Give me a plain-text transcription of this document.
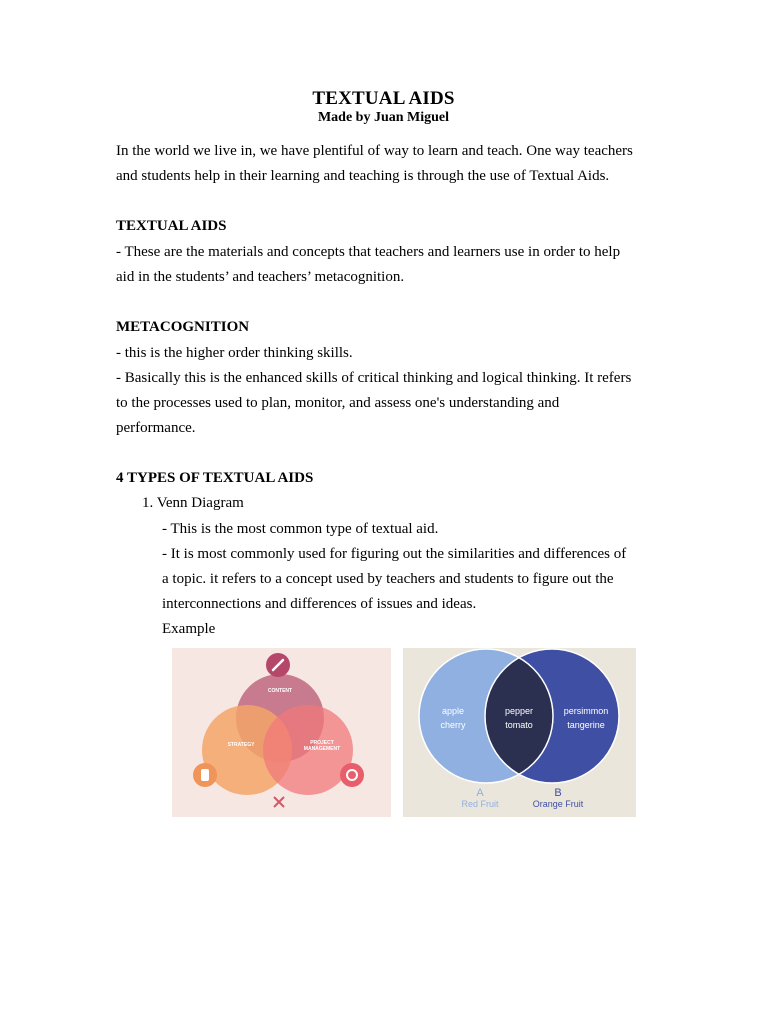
TEXTUAL AIDS
Made by Juan Miguel
In the world we live in, we have plentiful of way to learn and teach. One way teachers
and students help in their learning and teaching is through the use of Textual Aids.
TEXTUAL AIDS
- These are the materials and concepts that teachers and learners use in order to help
aid in the students’ and teachers’ metacognition.
METACOGNITION
- this is the higher order thinking skills.
- Basically this is the enhanced skills of critical thinking and logical thinking. It refers
to the processes used to plan, monitor, and assess one's understanding and
performance.
4 TYPES OF TEXTUAL AIDS
1. Venn Diagram
- This is the most common type of textual aid.
- It is most commonly used for figuring out the similarities and differences of
a topic. it refers to a concept used by teachers and students to figure out the
interconnections and differences of issues and ideas.
Example
CONTENT
STRATEGY	PROJECT
MANAGEMENT
apple
cherry
pepper
tomato
persimmon
tangerine
A
Red Fruit
B
Orange Fruit
